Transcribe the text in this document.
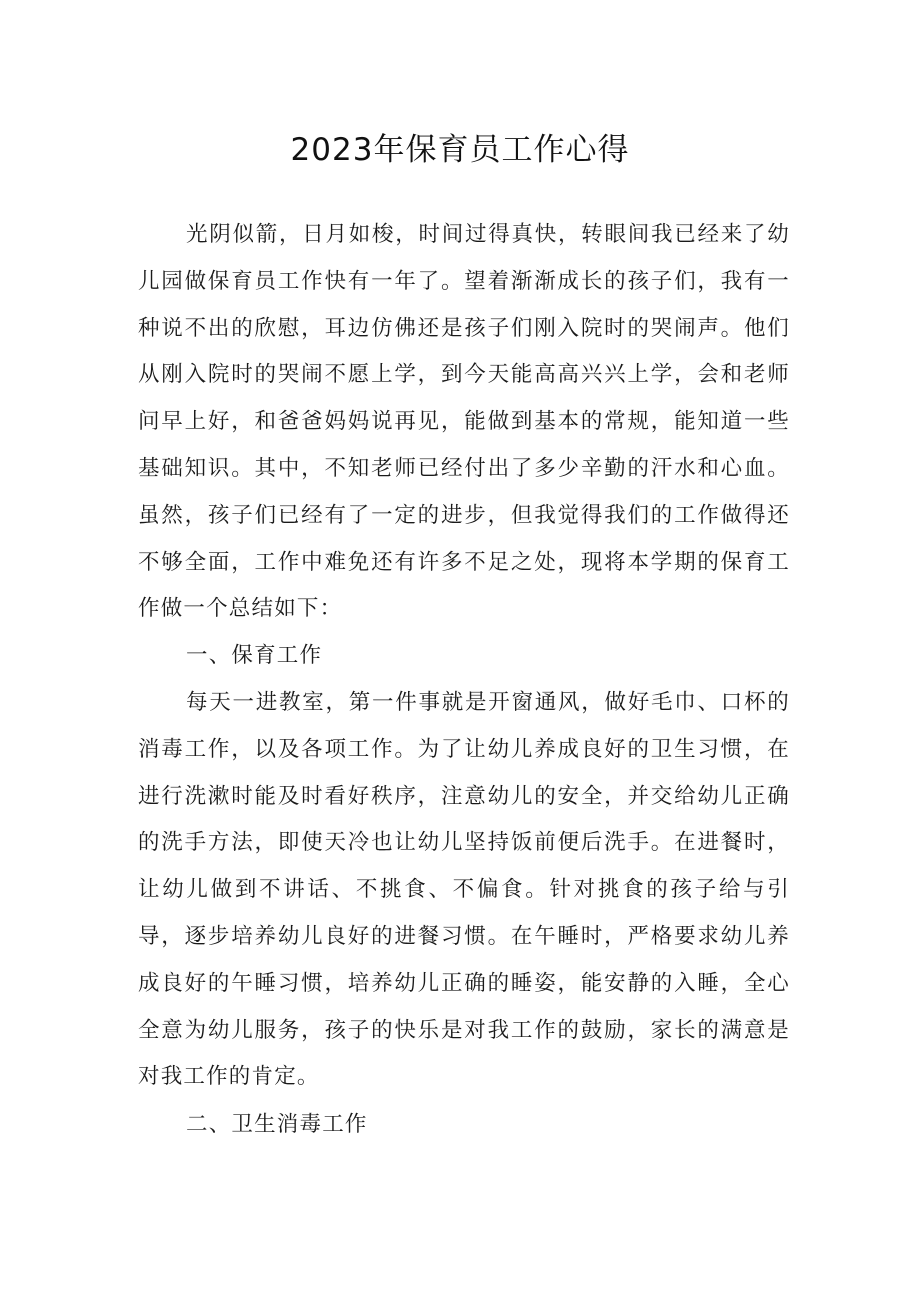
2023年保育员工作心得

光阴似箭，日月如梭，时间过得真快，转眼间我已经来了幼儿园做保育员工作快有一年了。望着渐渐成长的孩子们，我有一种说不出的欣慰，耳边仿佛还是孩子们刚入院时的哭闹声。他们从刚入院时的哭闹不愿上学，到今天能高高兴兴上学，会和老师问早上好，和爸爸妈妈说再见，能做到基本的常规，能知道一些基础知识。其中，不知老师已经付出了多少辛勤的汗水和心血。虽然，孩子们已经有了一定的进步，但我觉得我们的工作做得还不够全面，工作中难免还有许多不足之处，现将本学期的保育工作做一个总结如下：

一、保育工作

每天一进教室，第一件事就是开窗通风，做好毛巾、口杯的消毒工作，以及各项工作。为了让幼儿养成良好的卫生习惯，在进行洗漱时能及时看好秩序，注意幼儿的安全，并交给幼儿正确的洗手方法，即使天冷也让幼儿坚持饭前便后洗手。在进餐时，让幼儿做到不讲话、不挑食、不偏食。针对挑食的孩子给与引导，逐步培养幼儿良好的进餐习惯。在午睡时，严格要求幼儿养成良好的午睡习惯，培养幼儿正确的睡姿，能安静的入睡，全心全意为幼儿服务，孩子的快乐是对我工作的鼓励，家长的满意是对我工作的肯定。

二、卫生消毒工作
